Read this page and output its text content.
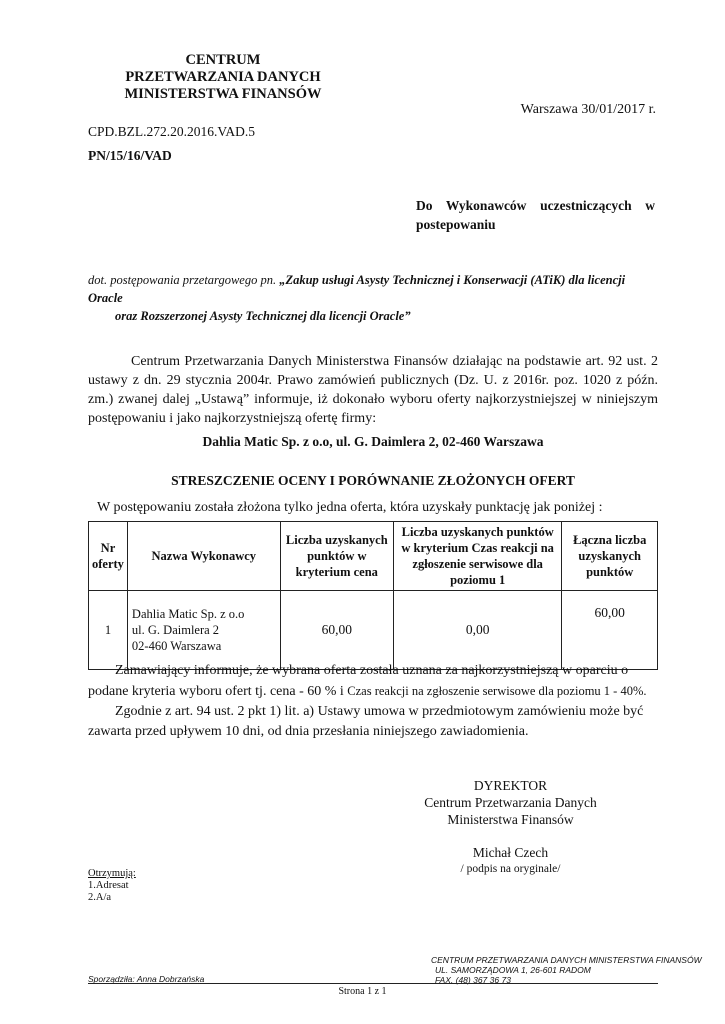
CENTRUM
PRZETWARZANIA DANYCH
MINISTERSTWA FINANSÓW
Warszawa 30/01/2017 r.
CPD.BZL.272.20.2016.VAD.5
PN/15/16/VAD
Do Wykonawców uczestniczących w postepowaniu
dot. postępowania przetargowego pn. „Zakup usługi Asysty Technicznej i Konserwacji (ATiK) dla licencji Oracle
oraz Rozszerzonej Asysty Technicznej dla licencji Oracle”
Centrum Przetwarzania Danych Ministerstwa Finansów działając na podstawie art. 92 ust. 2 ustawy z dn. 29 stycznia 2004r. Prawo zamówień publicznych (Dz. U. z 2016r. poz. 1020 z późn. zm.) zwanej dalej „Ustawą” informuje, iż dokonało wyboru oferty najkorzystniejszej w niniejszym postępowaniu i jako najkorzystniejszą ofertę firmy:
Dahlia Matic Sp. z o.o, ul. G. Daimlera 2, 02-460 Warszawa
STRESZCZENIE OCENY I PORÓWNANIE ZŁOŻONYCH OFERT
W postępowaniu została złożona tylko jedna oferta, która uzyskały punktację jak poniżej :
Nr oferty	Nazwa Wykonawcy	Liczba uzyskanych punktów w kryterium cena	Liczba uzyskanych punktów w kryterium Czas reakcji na zgłoszenie serwisowe dla poziomu 1	Łączna liczba uzyskanych punktów
1	Dahlia Matic Sp. z o.o
ul. G. Daimlera 2
02-460 Warszawa	60,00	0,00	60,00
Zamawiający informuje, że wybrana oferta została uznana za najkorzystniejszą w oparciu o podane kryteria wyboru ofert tj. cena - 60 % i Czas reakcji na zgłoszenie serwisowe dla poziomu 1 - 40%.
Zgodnie z art. 94 ust. 2 pkt 1) lit. a) Ustawy umowa w przedmiotowym zamówieniu może być zawarta przed upływem 10 dni, od dnia przesłania niniejszego zawiadomienia.
DYREKTOR
Centrum Przetwarzania Danych
Ministerstwa Finansów
Michał Czech
/ podpis na oryginale/
Otrzymują:
1.Adresat
2.A/a
CENTRUM PRZETWARZANIA DANYCH MINISTERSTWA FINANSÓW
UL. SAMORZĄDOWA 1, 26-601 RADOM
FAX. (48) 367 36 73
Sporządziła: Anna Dobrzańska
Strona 1 z 1
